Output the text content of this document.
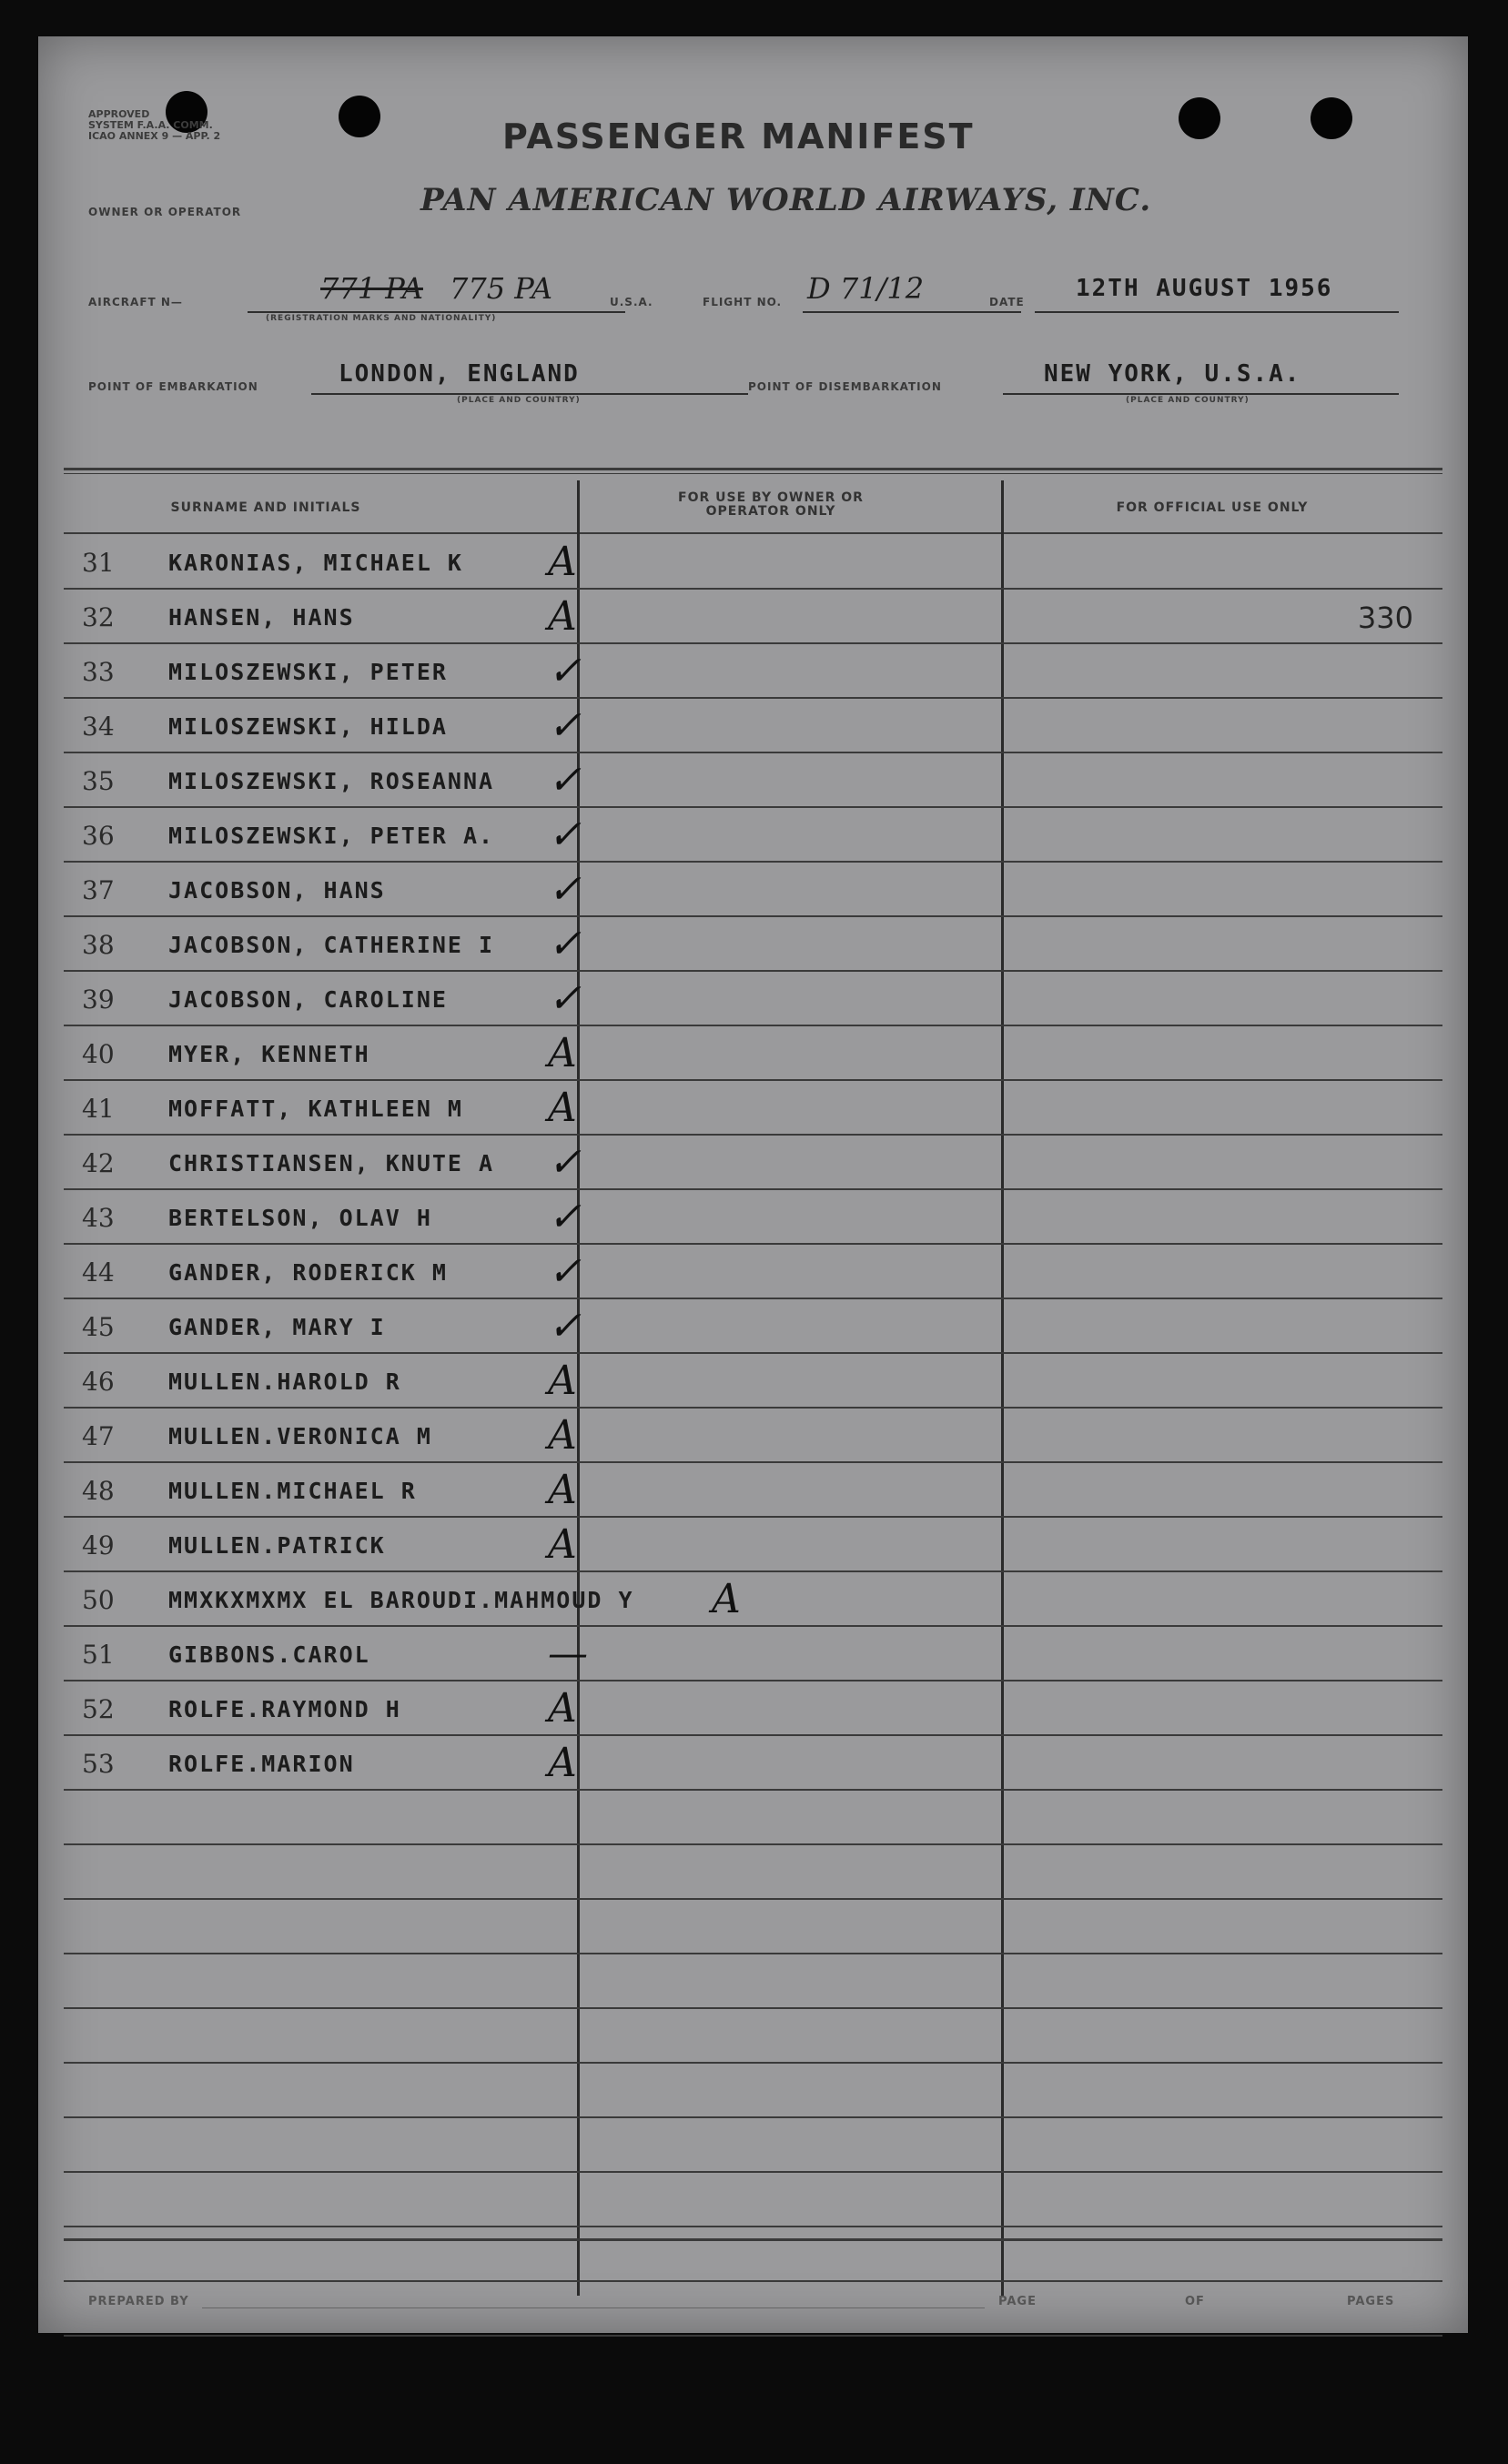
APPROVED
SYSTEM F.A.A. COMM.
ICAO ANNEX 9 — APP. 2	PASSENGER MANIFEST
OWNER OR OPERATOR	PAN AMERICAN WORLD AIRWAYS, INC.
AIRCRAFT N—	771 PA 775 PA
(REGISTRATION MARKS AND NATIONALITY)
U.S.A.	FLIGHT NO. D 71/12	DATE 12TH AUGUST 1956
POINT OF EMBARKATION	LONDON, ENGLAND
(PLACE AND COUNTRY)
POINT OF DISEMBARKATION	NEW YORK, U.S.A.
(PLACE AND COUNTRY)
SURNAME AND INITIALS
FOR USE BY OWNER OR OPERATOR ONLY	FOR OFFICIAL USE ONLY
31 KARONIAS, MICHAEL K A
32 HANSEN, HANS	A	330
33 MILOSZEWSKI, PETER	✓
34 MILOSZEWSKI, HILDA	✓
35 MILOSZEWSKI, ROSEANNA ✓
36 MILOSZEWSKI, PETER A. ✓
37 JACOBSON, HANS	✓
38 JACOBSON, CATHERINE I ✓
39 JACOBSON, CAROLINE	✓
40 MYER, KENNETH	A
41 MOFFATT, KATHLEEN M A
42 CHRISTIANSEN, KNUTE A ✓
43 BERTELSON, OLAV H	✓
44 GANDER, RODERICK M	✓
45 GANDER, MARY I	✓
46 MULLEN.HAROLD R	A
47 MULLEN.VERONICA M	A
48 MULLEN.MICHAEL R	A
49 MULLEN.PATRICK	A
50 MMXKXMXMX EL BAROUDI.MAHMOUD Y A
51 GIBBONS.CAROL	—
52 ROLFE.RAYMOND H	A
53 ROLFE.MARION	A
PREPARED BY	PAGE	OF	PAGES
